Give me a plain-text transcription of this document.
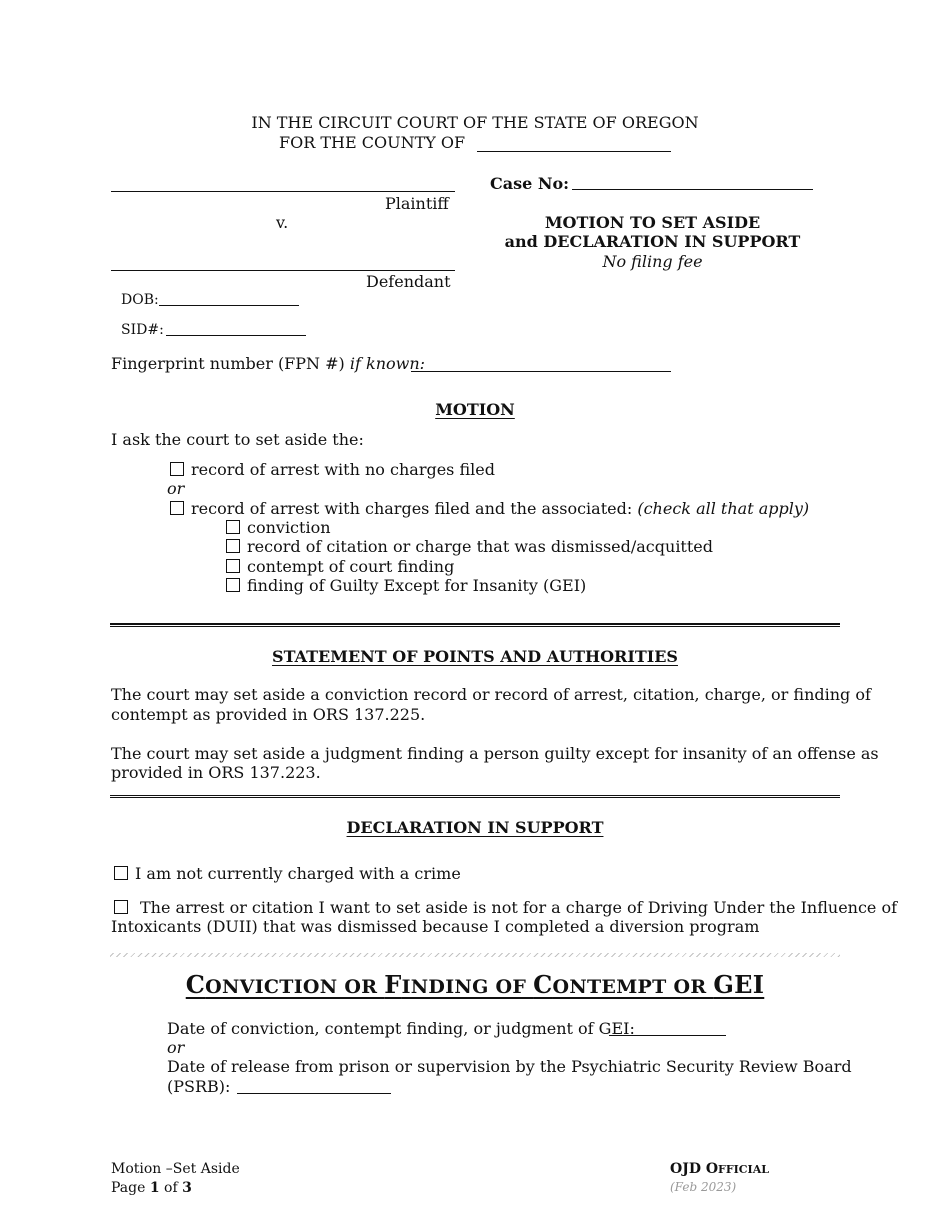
IN THE CIRCUIT COURT OF THE STATE OF OREGON
FOR THE COUNTY OF
Plaintiff
v.
Defendant
DOB:
SID#:
Case No:
MOTION TO SET ASIDE
and DECLARATION IN SUPPORT
No filing fee
Fingerprint number (FPN #) if known:
MOTION
I ask the court to set aside the:
record of arrest with no charges filed
or
record of arrest with charges filed and the associated: (check all that apply)
conviction
record of citation or charge that was dismissed/acquitted
contempt of court finding
finding of Guilty Except for Insanity (GEI)
STATEMENT OF POINTS AND AUTHORITIES
The court may set aside a conviction record or record of arrest, citation, charge, or finding of
contempt as provided in ORS 137.225.
The court may set aside a judgment finding a person guilty except for insanity of an offense as
provided in ORS 137.223.
DECLARATION IN SUPPORT
I am not currently charged with a crime
The arrest or citation I want to set aside is not for a charge of Driving Under the Influence of
Intoxicants (DUII) that was dismissed because I completed a diversion program
CONVICTION OR FINDING OF CONTEMPT OR GEI
Date of conviction, contempt finding, or judgment of GEI:
or
Date of release from prison or supervision by the Psychiatric Security Review Board
(PSRB):
Motion –Set Aside
Page 1 of 3
OJD OFFICIAL
(Feb 2023)
